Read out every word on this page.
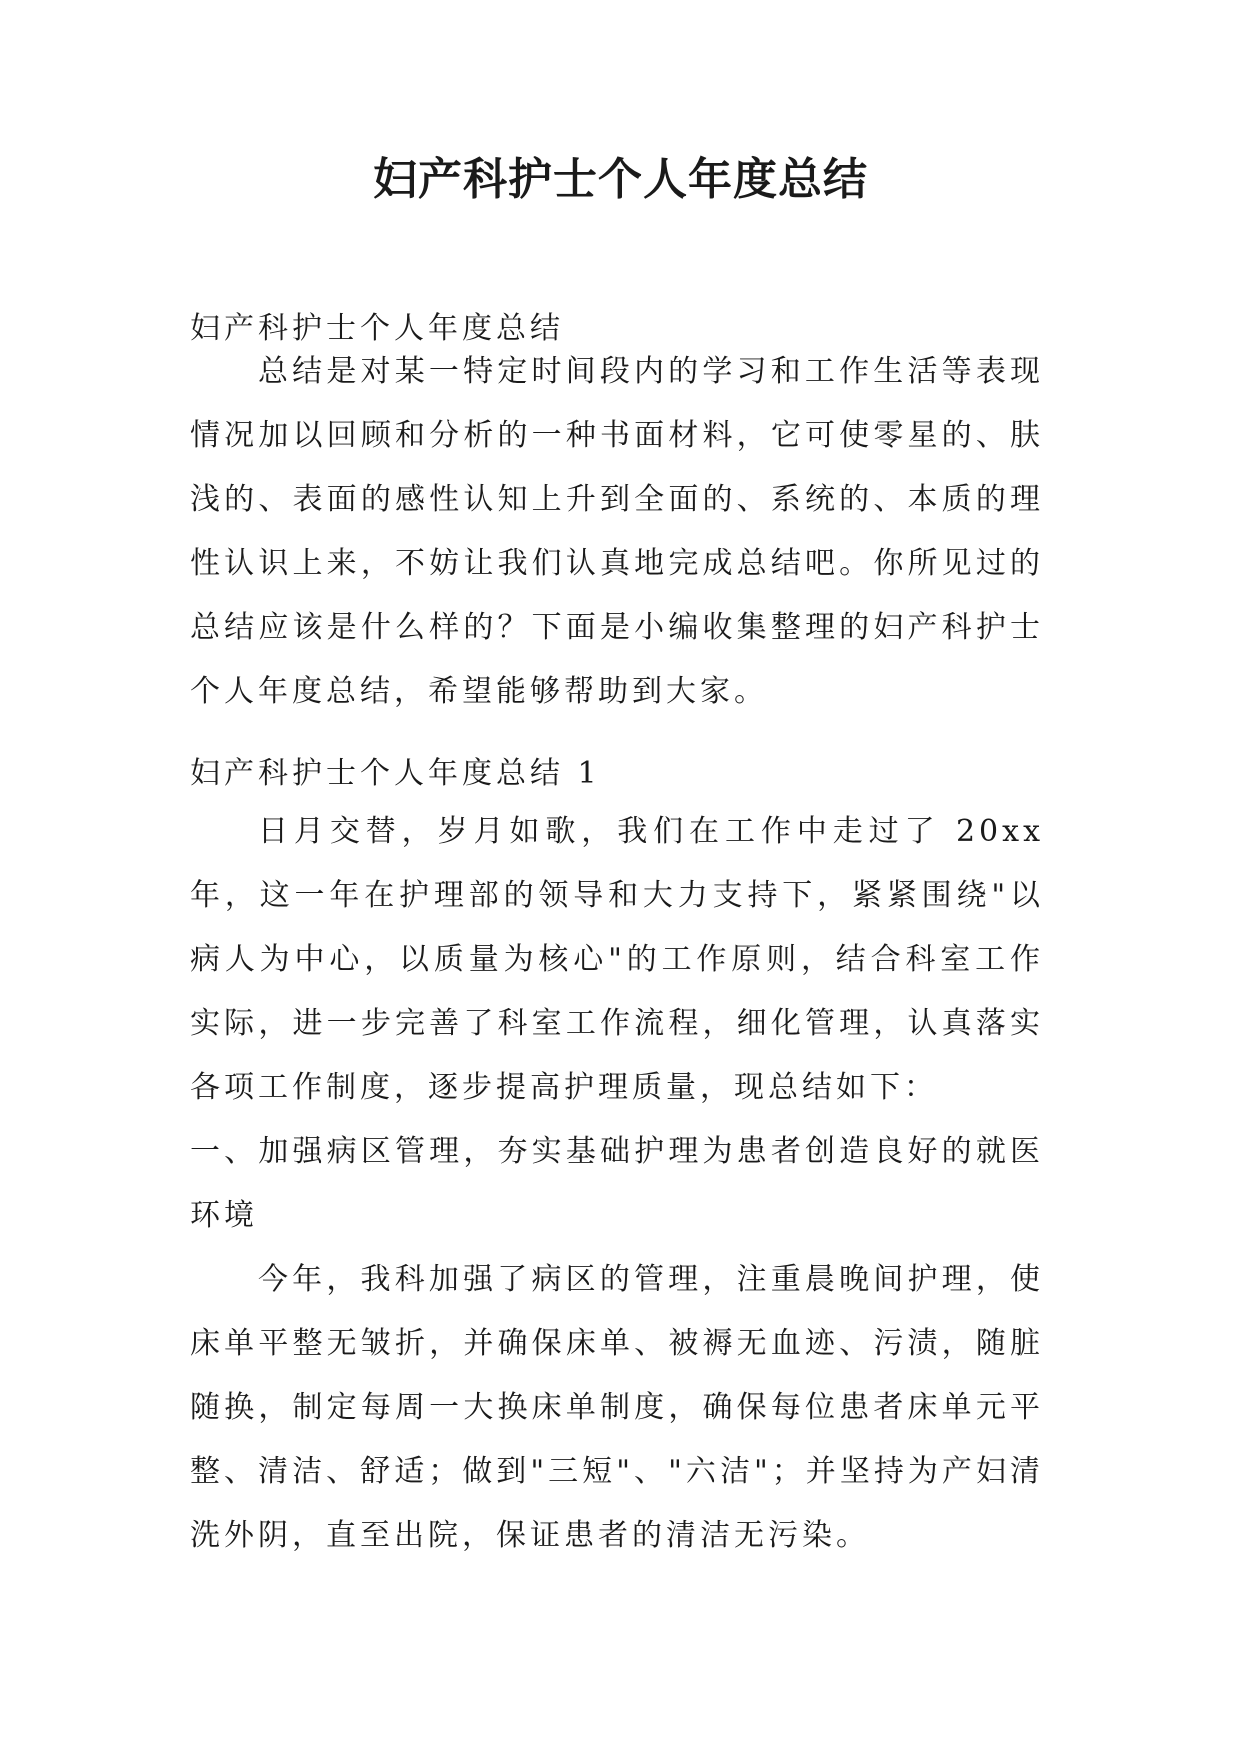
妇产科护士个人年度总结

妇产科护士个人年度总结

总结是对某一特定时间段内的学习和工作生活等表现情况加以回顾和分析的一种书面材料，它可使零星的、肤浅的、表面的感性认知上升到全面的、系统的、本质的理性认识上来，不妨让我们认真地完成总结吧。你所见过的总结应该是什么样的？下面是小编收集整理的妇产科护士个人年度总结，希望能够帮助到大家。

妇产科护士个人年度总结 1

日月交替，岁月如歌，我们在工作中走过了 20xx 年，这一年在护理部的领导和大力支持下，紧紧围绕"以病人为中心，以质量为核心"的工作原则，结合科室工作实际，进一步完善了科室工作流程，细化管理，认真落实各项工作制度，逐步提高护理质量，现总结如下：

一、加强病区管理，夯实基础护理为患者创造良好的就医环境

今年，我科加强了病区的管理，注重晨晚间护理，使床单平整无皱折，并确保床单、被褥无血迹、污渍，随脏随换，制定每周一大换床单制度，确保每位患者床单元平整、清洁、舒适；做到"三短"、"六洁"；并坚持为产妇清洗外阴，直至出院，保证患者的清洁无污染。
